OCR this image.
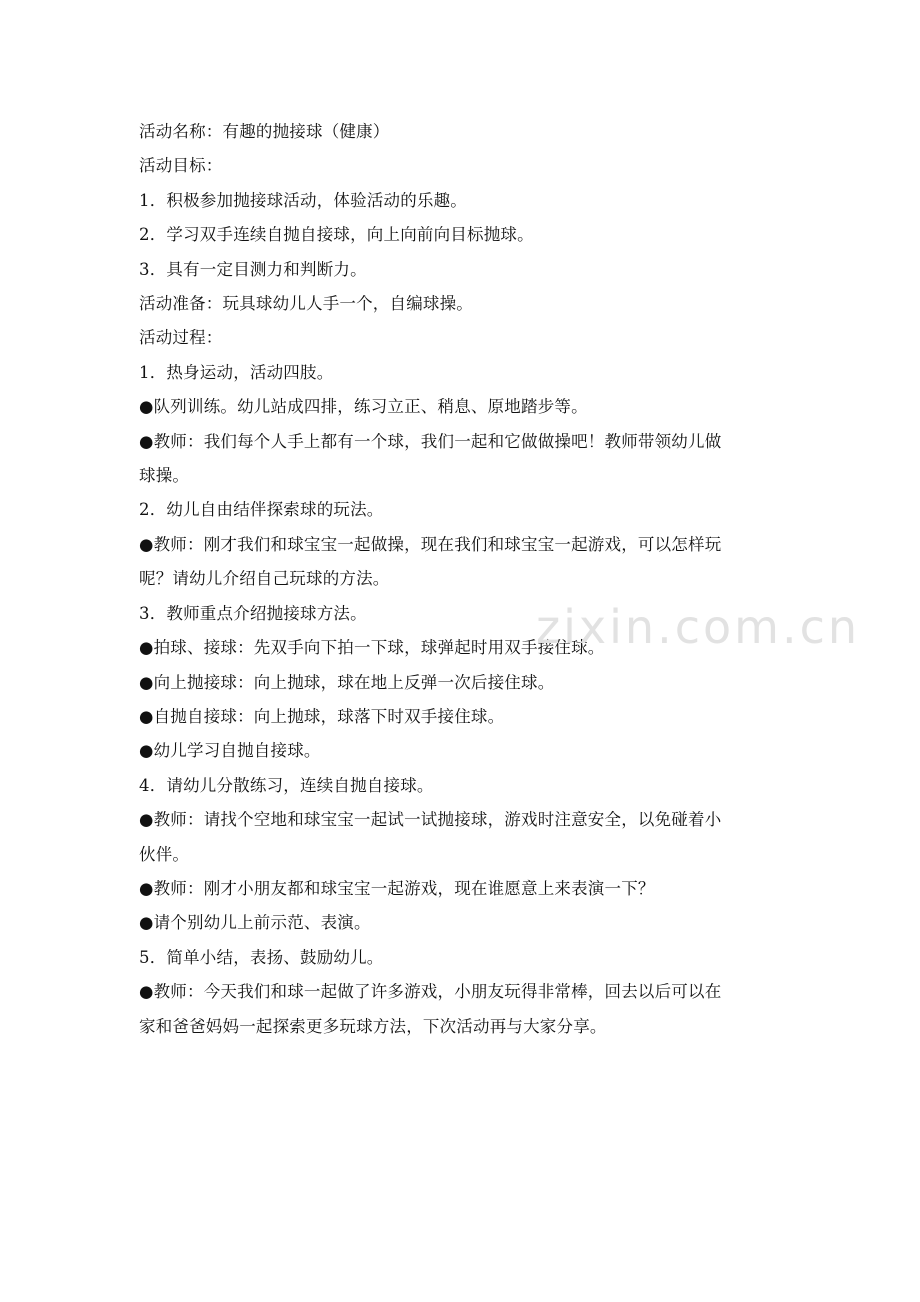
活动名称：有趣的抛接球（健康）

活动目标：

1．积极参加抛接球活动，体验活动的乐趣。

2．学习双手连续自抛自接球，向上向前向目标抛球。

3．具有一定目测力和判断力。

活动准备：玩具球幼儿人手一个，自编球操。

活动过程：

1．热身运动，活动四肢。

●队列训练。幼儿站成四排，练习立正、稍息、原地踏步等。

●教师：我们每个人手上都有一个球，我们一起和它做做操吧！教师带领幼儿做

球操。

2．幼儿自由结伴探索球的玩法。

●教师：刚才我们和球宝宝一起做操，现在我们和球宝宝一起游戏，可以怎样玩

呢？请幼儿介绍自己玩球的方法。

3．教师重点介绍抛接球方法。

●拍球、接球：先双手向下拍一下球，球弹起时用双手接住球。

●向上抛接球：向上抛球，球在地上反弹一次后接住球。

●自抛自接球：向上抛球，球落下时双手接住球。

●幼儿学习自抛自接球。

4．请幼儿分散练习，连续自抛自接球。

●教师：请找个空地和球宝宝一起试一试抛接球，游戏时注意安全，以免碰着小

伙伴。

●教师：刚才小朋友都和球宝宝一起游戏，现在谁愿意上来表演一下？

●请个别幼儿上前示范、表演。

5．简单小结，表扬、鼓励幼儿。

●教师：今天我们和球一起做了许多游戏，小朋友玩得非常棒，回去以后可以在

家和爸爸妈妈一起探索更多玩球方法，下次活动再与大家分享。

zixin.com.cn
